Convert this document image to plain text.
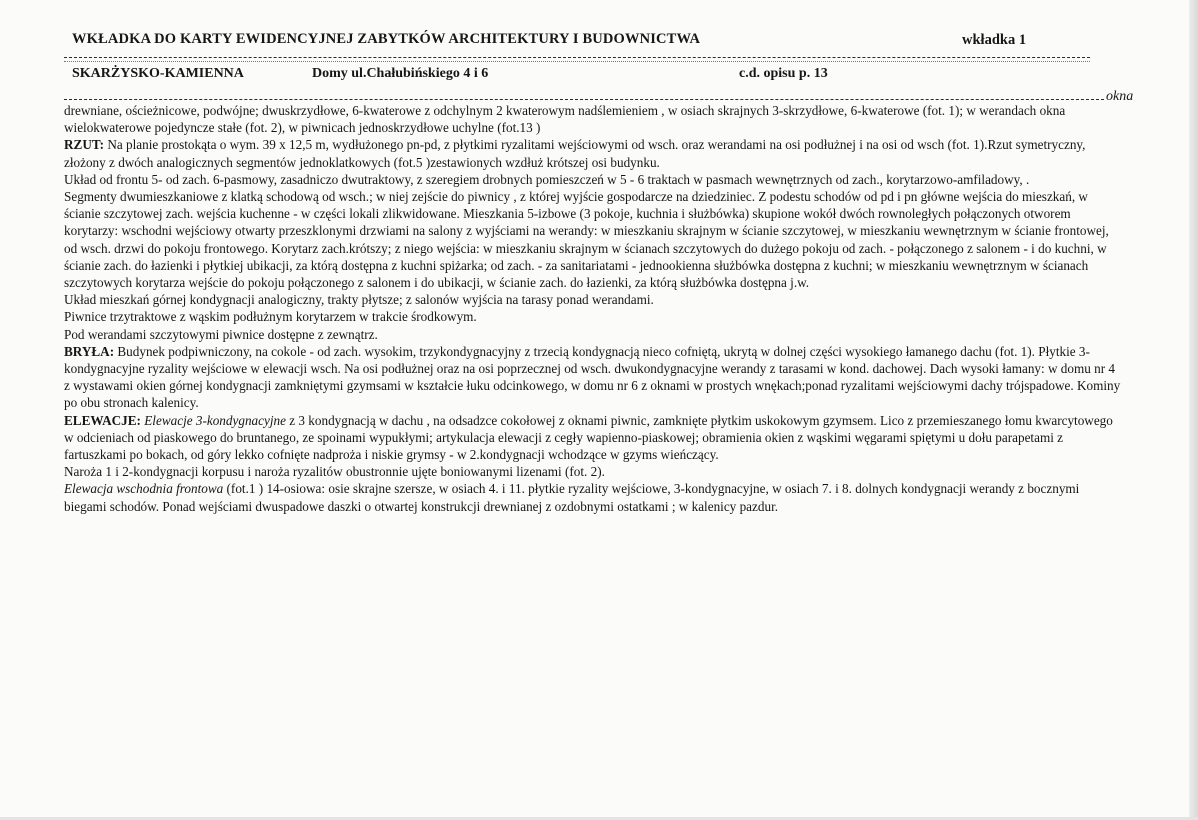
WKŁADKA DO KARTY EWIDENCYJNEJ ZABYTKÓW ARCHITEKTURY I BUDOWNICTWA	wkładka 1
SKARŻYSKO-KAMIENNA	Domy ul.Chałubińskiego 4 i 6	c.d. opisu p. 13
okna

drewniane, ościeżnicowe, podwójne; dwuskrzydłowe, 6-kwaterowe z odchylnym 2 kwaterowym nadślemieniem , w osiach skrajnych 3-skrzydłowe, 6-kwaterowe (fot. 1); w werandach okna wielokwaterowe pojedyncze stałe (fot. 2), w piwnicach jednoskrzydłowe uchylne (fot.13 )

RZUT: Na planie prostokąta o wym. 39 x 12,5 m, wydłużonego pn-pd, z płytkimi ryzalitami wejściowymi od wsch. oraz werandami na osi podłużnej i na osi od wsch (fot. 1).Rzut symetryczny, złożony z dwóch analogicznych segmentów jednoklatkowych (fot.5 )zestawionych wzdłuż krótszej osi budynku.

Układ od frontu 5- od zach. 6-pasmowy, zasadniczo dwutraktowy, z szeregiem drobnych pomieszczeń w 5 - 6 traktach w pasmach wewnętrznych od zach., korytarzowo-amfiladowy, .

Segmenty dwumieszkaniowe z klatką schodową od wsch.; w niej zejście do piwnicy , z której wyjście gospodarcze na dziedziniec. Z podestu schodów od pd i pn główne wejścia do mieszkań, w ścianie szczytowej zach. wejścia kuchenne - w części lokali zlikwidowane. Mieszkania 5-izbowe (3 pokoje, kuchnia i służbówka) skupione wokół dwóch rownoległych połączonych otworem korytarzy: wschodni wejściowy otwarty przeszklonymi drzwiami na salony z wyjściami na werandy: w mieszkaniu skrajnym w ścianie szczytowej, w mieszkaniu wewnętrznym w ścianie frontowej, od wsch. drzwi do pokoju frontowego. Korytarz zach.krótszy; z niego wejścia: w mieszkaniu skrajnym w ścianach szczytowych do dużego pokoju od zach. - połączonego z salonem - i do kuchni, w ścianie zach. do łazienki i płytkiej ubikacji, za którą dostępna z kuchni spiżarka; od zach. - za sanitariatami - jednookienna służbówka dostępna z kuchni; w mieszkaniu wewnętrznym w ścianach szczytowych korytarza wejście do pokoju połączonego z salonem i do ubikacji, w ścianie zach. do łazienki, za którą służbówka dostępna j.w.

Układ mieszkań górnej kondygnacji analogiczny, trakty płytsze; z salonów wyjścia na tarasy ponad werandami.

Piwnice trzytraktowe z wąskim podłużnym korytarzem w trakcie środkowym.

Pod werandami szczytowymi piwnice dostępne z zewnątrz.

BRYŁA: Budynek podpiwniczony, na cokole - od zach. wysokim, trzykondygnacyjny z trzecią kondygnacją nieco cofniętą, ukrytą w dolnej części wysokiego łamanego dachu (fot. 1). Płytkie 3-kondygnacyjne ryzality wejściowe w elewacji wsch. Na osi podłużnej oraz na osi poprzecznej od wsch. dwukondygnacyjne werandy z tarasami w kond. dachowej. Dach wysoki łamany: w domu nr 4 z wystawami okien górnej kondygnacji zamkniętymi gzymsami w kształcie łuku odcinkowego, w domu nr 6 z oknami w prostych wnękach;ponad ryzalitami wejściowymi dachy trójspadowe. Kominy po obu stronach kalenicy.

ELEWACJE: Elewacje 3-kondygnacyjne z 3 kondygnacją w dachu , na odsadzce cokołowej z oknami piwnic, zamknięte płytkim uskokowym gzymsem. Lico z przemieszanego łomu kwarcytowego w odcieniach od piaskowego do bruntanego, ze spoinami wypukłymi; artykulacja elewacji z cegły wapienno-piaskowej; obramienia okien z wąskimi węgarami spiętymi u dołu parapetami z fartuszkami po bokach, od góry lekko cofnięte nadproża i niskie grymsy - w 2.kondygnacji wchodzące w gzyms wieńczący.

Naroża 1 i 2-kondygnacji korpusu i naroża ryzalitów obustronnie ujęte boniowanymi lizenami (fot. 2).

Elewacja wschodnia frontowa (fot.1 ) 14-osiowa: osie skrajne szersze, w osiach 4. i 11. płytkie ryzality wejściowe, 3-kondygnacyjne, w osiach 7. i 8. dolnych kondygnacji werandy z bocznymi biegami schodów. Ponad wejściami dwuspadowe daszki o otwartej konstrukcji drewnianej z ozdobnymi ostatkami ; w kalenicy pazdur.
